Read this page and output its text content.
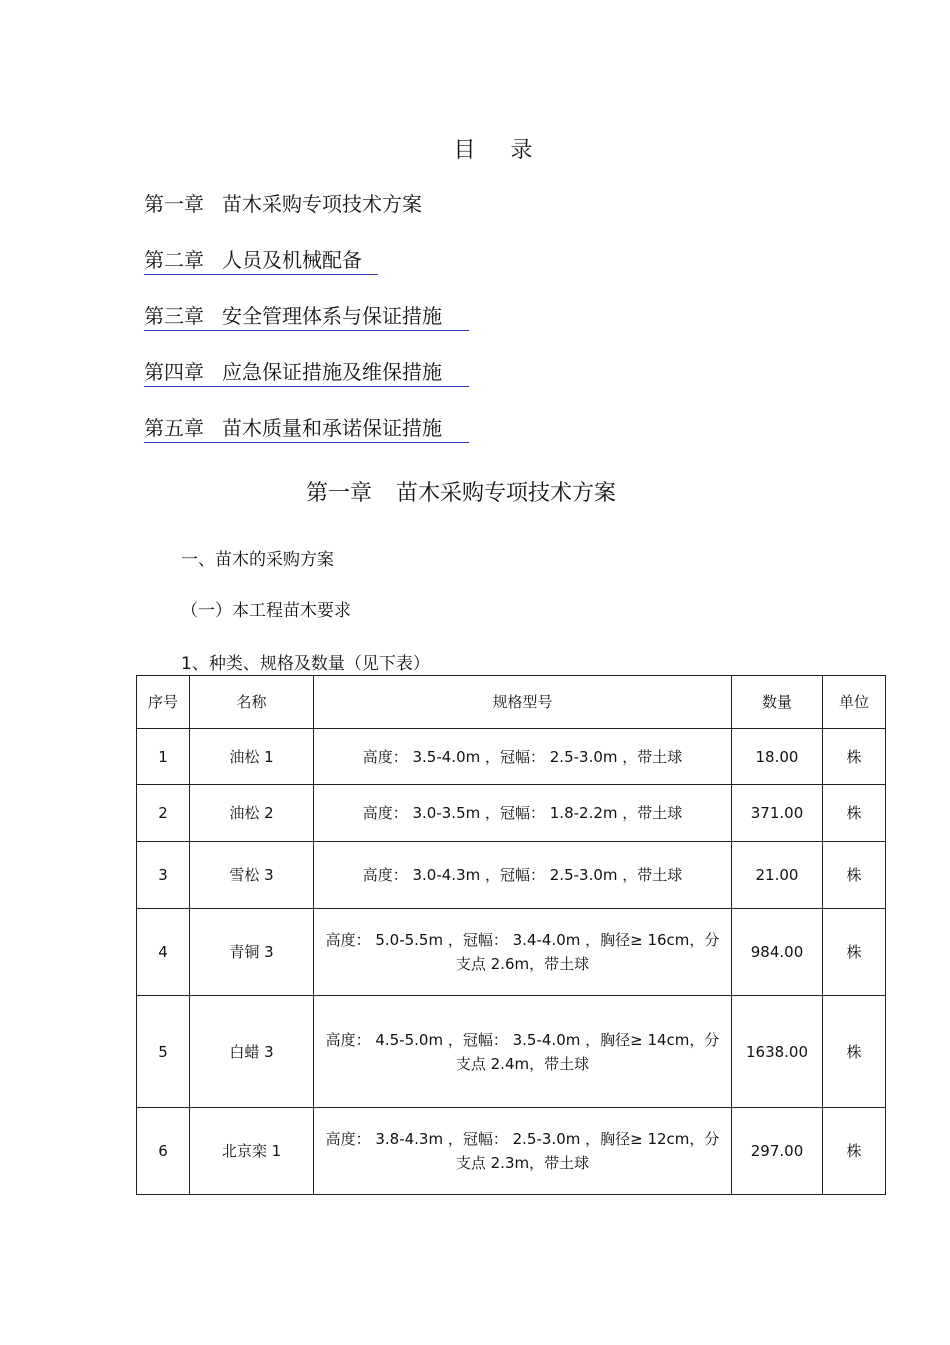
目 录
第一章 苗木采购专项技术方案
第二章 人员及机械配备
第三章 安全管理体系与保证措施
第四章 应急保证措施及维保措施
第五章 苗木质量和承诺保证措施
第一章 苗木采购专项技术方案
一、苗木的采购方案
（一）本工程苗木要求
1、种类、规格及数量（见下表）
序号	名称	规格型号	数量	单位
1	油松 1	高度： 3.5-4.0m ，冠幅： 2.5-3.0m ，带土球	18.00	株
2	油松 2	高度： 3.0-3.5m ，冠幅： 1.8-2.2m ，带土球	371.00	株
3	雪松 3	高度： 3.0-4.3m ，冠幅： 2.5-3.0m ，带土球	21.00	株
4	青铜 3	高度： 5.0-5.5m ，冠幅： 3.4-4.0m ，胸径≥ 16cm，分支点 2.6m，带土球	984.00	株
5	白蜡 3	高度： 4.5-5.0m ，冠幅： 3.5-4.0m ，胸径≥ 14cm，分支点 2.4m，带土球	1638.00	株
6	北京栾 1	高度： 3.8-4.3m ，冠幅： 2.5-3.0m ，胸径≥ 12cm，分支点 2.3m，带土球	297.00	株
